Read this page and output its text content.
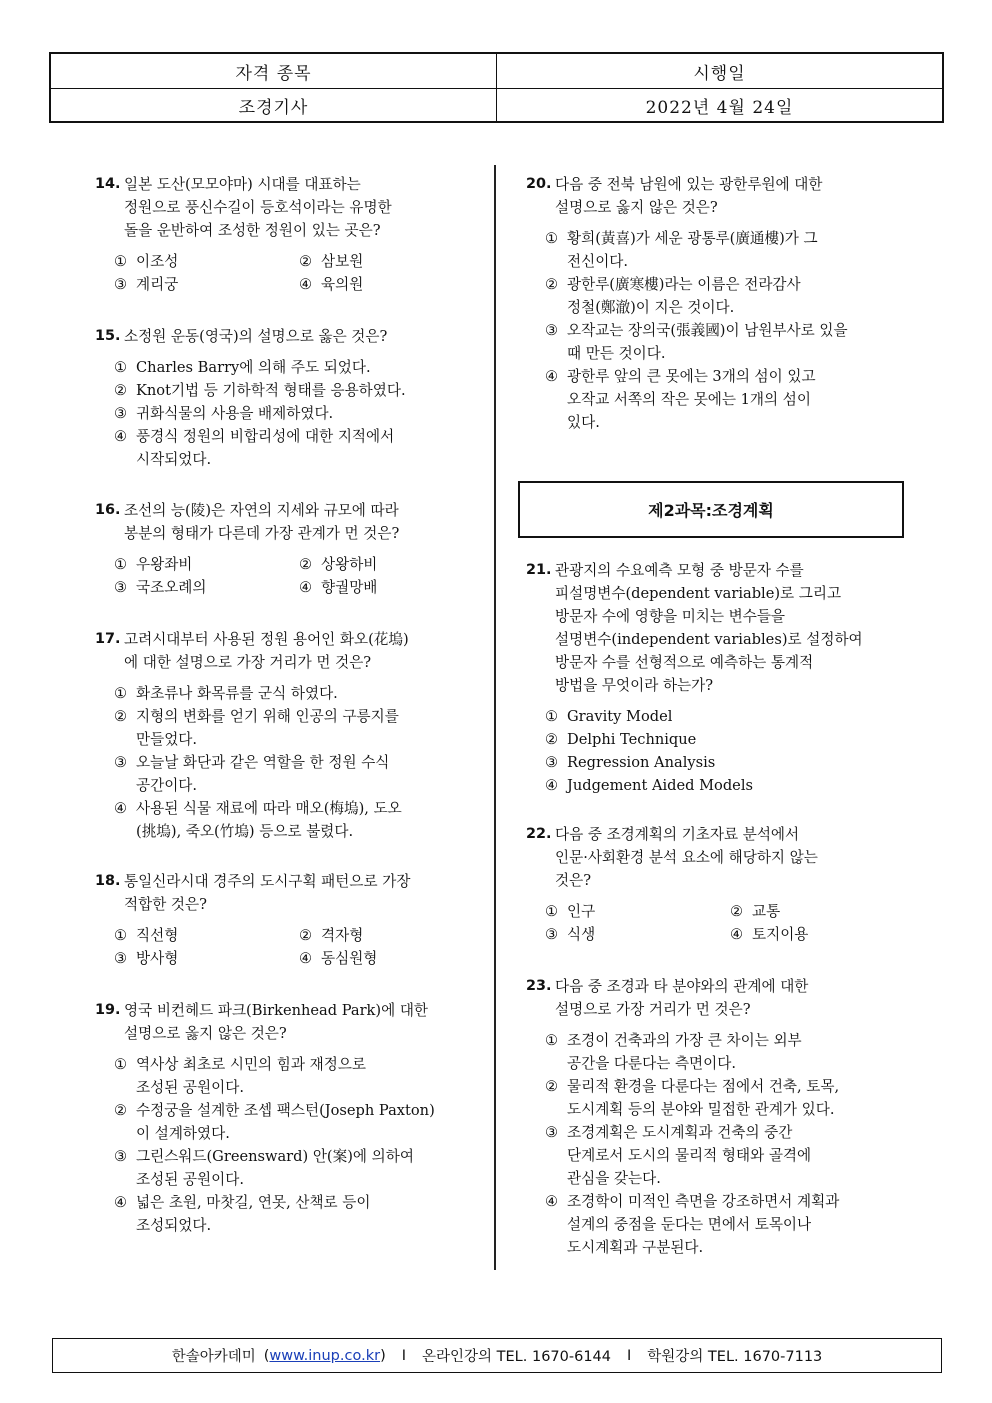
자격 종목	시행일
조경기사	2022년 4월 24일
14. 일본 도산(모모야마) 시대를 대표하는
정원으로 풍신수길이 등호석이라는 유명한
돌을 운반하여 조성한 정원이 있는 곳은?
① 이조성	② 삼보원
③ 계리궁	④ 육의원
15. 소정원 운동(영국)의 설명으로 옳은 것은?
① Charles Barry에 의해 주도 되었다.
② Knot기법 등 기하학적 형태를 응용하였다.
③ 귀화식물의 사용을 배제하였다.
④ 풍경식 정원의 비합리성에 대한 지적에서
시작되었다.
16. 조선의 능(陵)은 자연의 지세와 규모에 따라
봉분의 형태가 다른데 가장 관계가 먼 것은?
① 우왕좌비	② 상왕하비
③ 국조오례의	④ 향궐망배
17. 고려시대부터 사용된 정원 용어인 화오(花塢)
에 대한 설명으로 가장 거리가 먼 것은?
① 화초류나 화목류를 군식 하였다.
② 지형의 변화를 얻기 위해 인공의 구릉지를
만들었다.
③ 오늘날 화단과 같은 역할을 한 정원 수식
공간이다.
④ 사용된 식물 재료에 따라 매오(梅塢), 도오
(挑塢), 죽오(竹塢) 등으로 불렸다.
18. 통일신라시대 경주의 도시구획 패턴으로 가장
적합한 것은?
① 직선형	② 격자형
③ 방사형	④ 동심원형
19. 영국 비컨헤드 파크(Birkenhead Park)에 대한
설명으로 옳지 않은 것은?
① 역사상 최초로 시민의 힘과 재정으로
조성된 공원이다.
② 수정궁을 설계한 조셉 팩스턴(Joseph Paxton)
이 설계하였다.
③ 그린스워드(Greensward) 안(案)에 의하여
조성된 공원이다.
④ 넓은 초원, 마찻길, 연못, 산책로 등이
조성되었다.
20. 다음 중 전북 남원에 있는 광한루원에 대한
설명으로 옳지 않은 것은?
① 황희(黃喜)가 세운 광통루(廣通樓)가 그
전신이다.
② 광한루(廣寒樓)라는 이름은 전라감사
정철(鄭澈)이 지은 것이다.
③ 오작교는 장의국(張義國)이 남원부사로 있을
때 만든 것이다.
④ 광한루 앞의 큰 못에는 3개의 섬이 있고
오작교 서쪽의 작은 못에는 1개의 섬이
있다.
21. 관광지의 수요예측 모형 중 방문자 수를
피설명변수(dependent variable)로 그리고
방문자 수에 영향을 미치는 변수들을
설명변수(independent variables)로 설정하여
방문자 수를 선형적으로 예측하는 통계적
방법을 무엇이라 하는가?
① Gravity Model
② Delphi Technique
③ Regression Analysis
④ Judgement Aided Models
22. 다음 중 조경계획의 기초자료 분석에서
인문·사회환경 분석 요소에 해당하지 않는
것은?
① 인구	② 교통
③ 식생	④ 토지이용
23. 다음 중 조경과 타 분야와의 관계에 대한
설명으로 가장 거리가 먼 것은?
① 조경이 건축과의 가장 큰 차이는 외부
공간을 다룬다는 측면이다.
② 물리적 환경을 다룬다는 점에서 건축, 토목,
도시계획 등의 분야와 밀접한 관계가 있다.
③ 조경계획은 도시계획과 건축의 중간
단계로서 도시의 물리적 형태와 골격에
관심을 갖는다.
④ 조경학이 미적인 측면을 강조하면서 계획과
설계의 중점을 둔다는 면에서 토목이나
도시계획과 구분된다.
제2과목:조경계획
한솔아카데미 (www.inup.co.kr) I 온라인강의 TEL. 1670-6144 I 학원강의 TEL. 1670-7113
